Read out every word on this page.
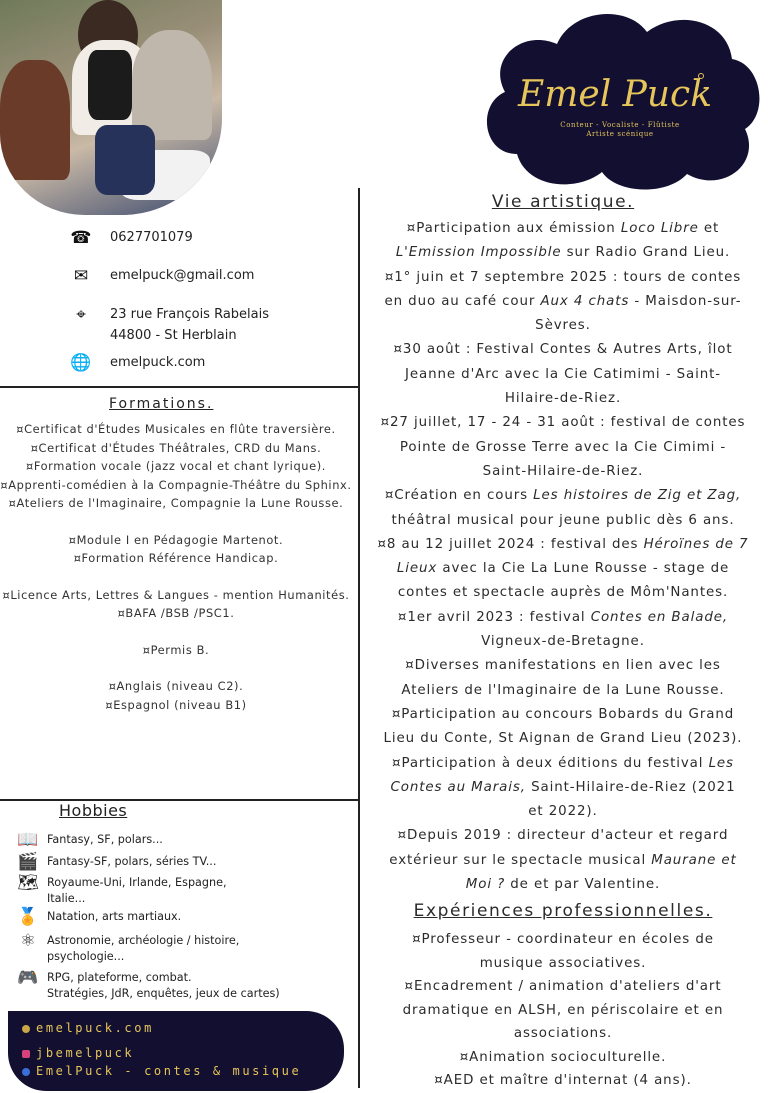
Emel Puck
Conteur - Vocaliste - Flûtiste
Artiste scénique
☎ 0627701079
✉ emelpuck@gmail.com
⌖	23 rue François Rabelais
44800 - St Herblain
🌐 emelpuck.com
Formations.

¤Certificat d'Études Musicales en flûte traversière.

¤Certificat d'Études Théâtrales, CRD du Mans.

¤Formation vocale (jazz vocal et chant lyrique).

¤Apprenti-comédien à la Compagnie-Théâtre du Sphinx.

¤Ateliers de l'Imaginaire, Compagnie la Lune Rousse.

¤Module I en Pédagogie Martenot.

¤Formation Référence Handicap.

¤Licence Arts, Lettres & Langues - mention Humanités.

¤BAFA /BSB /PSC1.

¤Permis B.

¤Anglais (niveau C2).

¤Espagnol (niveau B1)

Hobbies
📖 Fantasy, SF, polars...
🎬 Fantasy-SF, polars, séries TV...
🗺 Royaume-Uni, Irlande, Espagne,
Italie...
🏅 Natation, arts martiaux.
⚛	Astronomie, archéologie / histoire,
psychologie...
🎮 RPG, plateforme, combat.
Stratégies, JdR, enquêtes, jeux de cartes)
emelpuck.com
jbemelpuck
EmelPuck - contes & musique

Vie artistique.

¤Participation aux émission Loco Libre et
L'Emission Impossible sur Radio Grand Lieu.

¤1° juin et 7 septembre 2025 : tours de contes
en duo au café cour Aux 4 chats - Maisdon-sur-
Sèvres.

¤30 août : Festival Contes & Autres Arts, îlot
Jeanne d'Arc avec la Cie Catimimi - Saint-
Hilaire-de-Riez.

¤27 juillet, 17 - 24 - 31 août : festival de contes
Pointe de Grosse Terre avec la Cie Cimimi -
Saint-Hilaire-de-Riez.

¤Création en cours Les histoires de Zig et Zag,
théâtral musical pour jeune public dès 6 ans.

¤8 au 12 juillet 2024 : festival des Héroïnes de 7
Lieux avec la Cie La Lune Rousse - stage de
contes et spectacle auprès de Môm'Nantes.

¤1er avril 2023 : festival Contes en Balade,
Vigneux-de-Bretagne.

¤Diverses manifestations en lien avec les
Ateliers de l'Imaginaire de la Lune Rousse.

¤Participation au concours Bobards du Grand
Lieu du Conte, St Aignan de Grand Lieu (2023).

¤Participation à deux éditions du festival Les
Contes au Marais, Saint-Hilaire-de-Riez (2021
et 2022).

¤Depuis 2019 : directeur d'acteur et regard
extérieur sur le spectacle musical Maurane et
Moi ? de et par Valentine.

Expériences professionnelles.

¤Professeur - coordinateur en écoles de

musique associatives.

¤Encadrement / animation d'ateliers d'art

dramatique en ALSH, en périscolaire et en

associations.

¤Animation socioculturelle.

¤AED et maître d'internat (4 ans).
